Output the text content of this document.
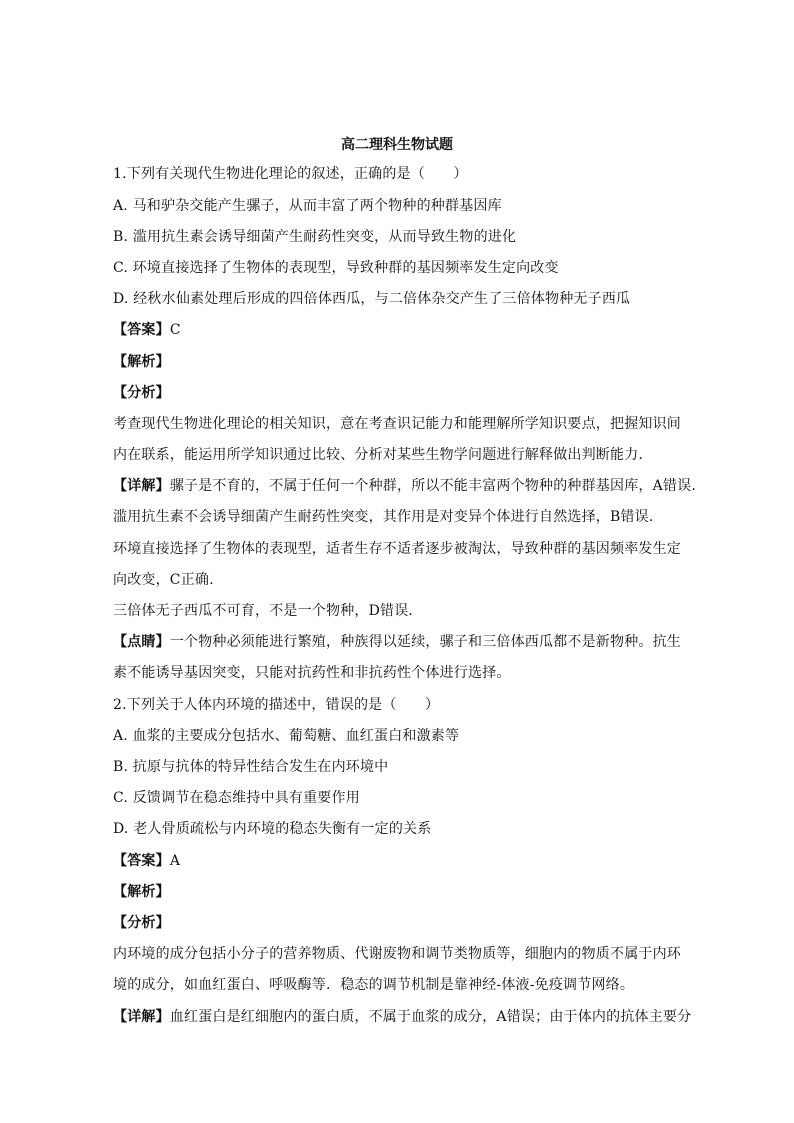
高二理科生物试题
1.下列有关现代生物进化理论的叙述，正确的是（　　）
A. 马和驴杂交能产生骡子，从而丰富了两个物种的种群基因库
B. 滥用抗生素会诱导细菌产生耐药性突变，从而导致生物的进化
C. 环境直接选择了生物体的表现型，导致种群的基因频率发生定向改变
D. 经秋水仙素处理后形成的四倍体西瓜，与二倍体杂交产生了三倍体物种无子西瓜
【答案】C
【解析】
【分析】
考查现代生物进化理论的相关知识，意在考查识记能力和能理解所学知识要点，把握知识间
内在联系，能运用所学知识通过比较、分析对某些生物学问题进行解释做出判断能力.
【详解】骡子是不育的，不属于任何一个种群，所以不能丰富两个物种的种群基因库，A错误.
滥用抗生素不会诱导细菌产生耐药性突变，其作用是对变异个体进行自然选择，B错误.
环境直接选择了生物体的表现型，适者生存不适者逐步被淘汰，导致种群的基因频率发生定
向改变，C正确.
三倍体无子西瓜不可育，不是一个物种，D错误.
【点睛】一个物种必须能进行繁殖，种族得以延续，骡子和三倍体西瓜都不是新物种。抗生
素不能诱导基因突变，只能对抗药性和非抗药性个体进行选择。
2.下列关于人体内环境的描述中，错误的是（　　）
A. 血浆的主要成分包括水、葡萄糖、血红蛋白和激素等
B. 抗原与抗体的特异性结合发生在内环境中
C. 反馈调节在稳态维持中具有重要作用
D. 老人骨质疏松与内环境的稳态失衡有一定的关系
【答案】A
【解析】
【分析】
内环境的成分包括小分子的营养物质、代谢废物和调节类物质等，细胞内的物质不属于内环
境的成分，如血红蛋白、呼吸酶等．稳态的调节机制是靠神经-体液-免疫调节网络。
【详解】血红蛋白是红细胞内的蛋白质，不属于血浆的成分，A错误；由于体内的抗体主要分
